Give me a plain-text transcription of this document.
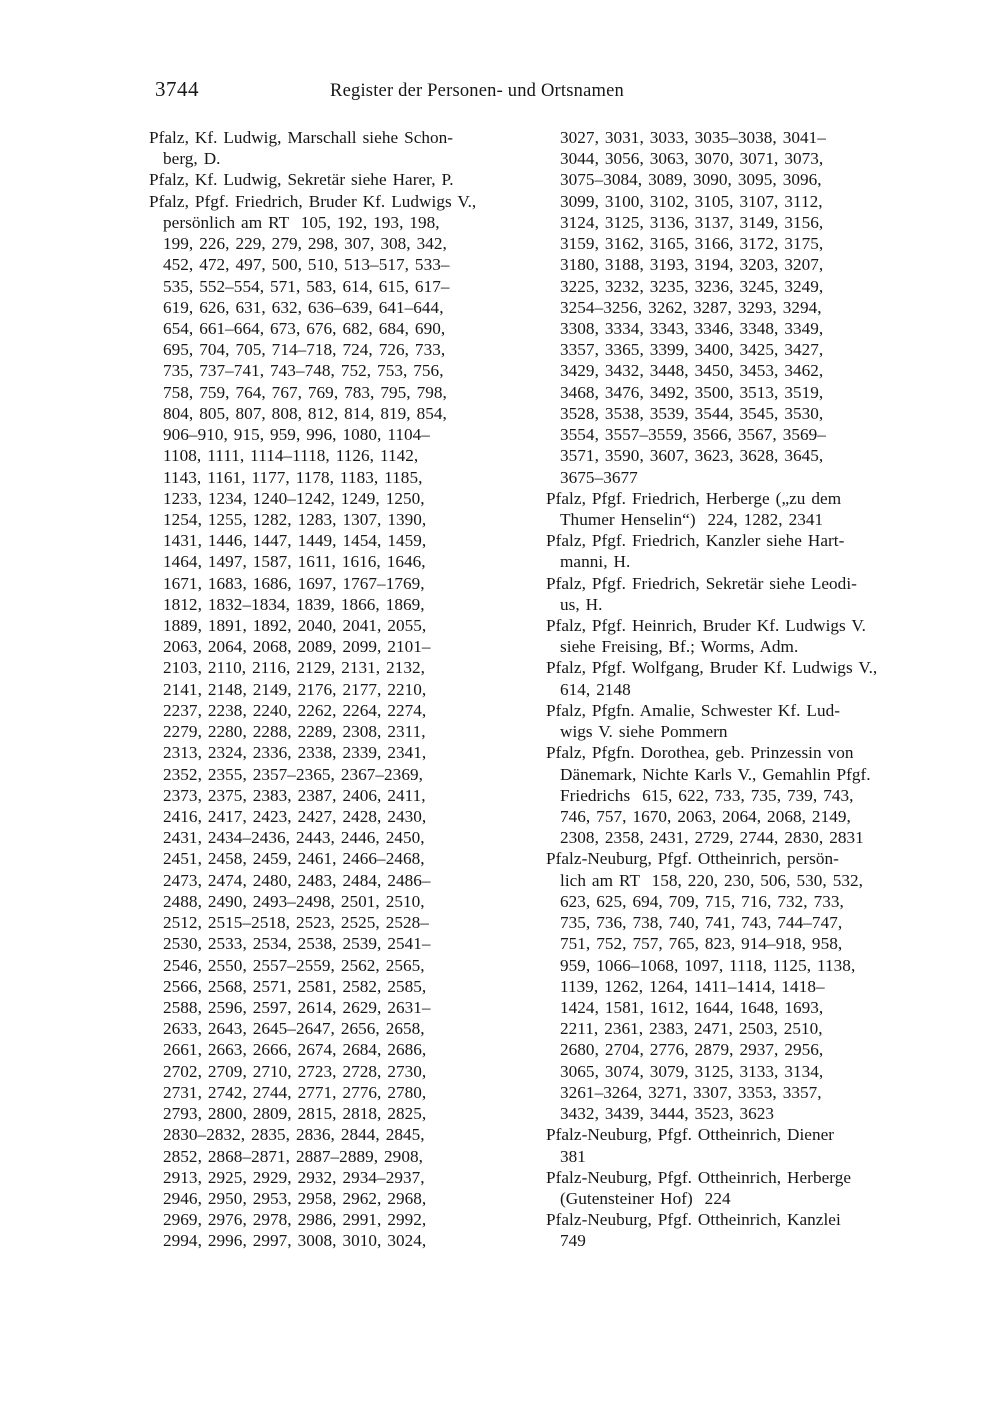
3744	Register der Personen- und Ortsnamen
Pfalz, Kf. Ludwig, Marschall siehe Schon-
berg, D.
Pfalz, Kf. Ludwig, Sekretär siehe Harer, P.
Pfalz, Pfgf. Friedrich, Bruder Kf. Ludwigs V.,
persönlich am RT  105, 192, 193, 198,
199, 226, 229, 279, 298, 307, 308, 342,
452, 472, 497, 500, 510, 513–517, 533–
535, 552–554, 571, 583, 614, 615, 617–
619, 626, 631, 632, 636–639, 641–644,
654, 661–664, 673, 676, 682, 684, 690,
695, 704, 705, 714–718, 724, 726, 733,
735, 737–741, 743–748, 752, 753, 756,
758, 759, 764, 767, 769, 783, 795, 798,
804, 805, 807, 808, 812, 814, 819, 854,
906–910, 915, 959, 996, 1080, 1104–
1108, 1111, 1114–1118, 1126, 1142,
1143, 1161, 1177, 1178, 1183, 1185,
1233, 1234, 1240–1242, 1249, 1250,
1254, 1255, 1282, 1283, 1307, 1390,
1431, 1446, 1447, 1449, 1454, 1459,
1464, 1497, 1587, 1611, 1616, 1646,
1671, 1683, 1686, 1697, 1767–1769,
1812, 1832–1834, 1839, 1866, 1869,
1889, 1891, 1892, 2040, 2041, 2055,
2063, 2064, 2068, 2089, 2099, 2101–
2103, 2110, 2116, 2129, 2131, 2132,
2141, 2148, 2149, 2176, 2177, 2210,
2237, 2238, 2240, 2262, 2264, 2274,
2279, 2280, 2288, 2289, 2308, 2311,
2313, 2324, 2336, 2338, 2339, 2341,
2352, 2355, 2357–2365, 2367–2369,
2373, 2375, 2383, 2387, 2406, 2411,
2416, 2417, 2423, 2427, 2428, 2430,
2431, 2434–2436, 2443, 2446, 2450,
2451, 2458, 2459, 2461, 2466–2468,
2473, 2474, 2480, 2483, 2484, 2486–
2488, 2490, 2493–2498, 2501, 2510,
2512, 2515–2518, 2523, 2525, 2528–
2530, 2533, 2534, 2538, 2539, 2541–
2546, 2550, 2557–2559, 2562, 2565,
2566, 2568, 2571, 2581, 2582, 2585,
2588, 2596, 2597, 2614, 2629, 2631–
2633, 2643, 2645–2647, 2656, 2658,
2661, 2663, 2666, 2674, 2684, 2686,
2702, 2709, 2710, 2723, 2728, 2730,
2731, 2742, 2744, 2771, 2776, 2780,
2793, 2800, 2809, 2815, 2818, 2825,
2830–2832, 2835, 2836, 2844, 2845,
2852, 2868–2871, 2887–2889, 2908,
2913, 2925, 2929, 2932, 2934–2937,
2946, 2950, 2953, 2958, 2962, 2968,
2969, 2976, 2978, 2986, 2991, 2992,
2994, 2996, 2997, 3008, 3010, 3024,
3027, 3031, 3033, 3035–3038, 3041–
3044, 3056, 3063, 3070, 3071, 3073,
3075–3084, 3089, 3090, 3095, 3096,
3099, 3100, 3102, 3105, 3107, 3112,
3124, 3125, 3136, 3137, 3149, 3156,
3159, 3162, 3165, 3166, 3172, 3175,
3180, 3188, 3193, 3194, 3203, 3207,
3225, 3232, 3235, 3236, 3245, 3249,
3254–3256, 3262, 3287, 3293, 3294,
3308, 3334, 3343, 3346, 3348, 3349,
3357, 3365, 3399, 3400, 3425, 3427,
3429, 3432, 3448, 3450, 3453, 3462,
3468, 3476, 3492, 3500, 3513, 3519,
3528, 3538, 3539, 3544, 3545, 3530,
3554, 3557–3559, 3566, 3567, 3569–
3571, 3590, 3607, 3623, 3628, 3645,
3675–3677
Pfalz, Pfgf. Friedrich, Herberge („zu dem
Thumer Henselin“)  224, 1282, 2341
Pfalz, Pfgf. Friedrich, Kanzler siehe Hart-
manni, H.
Pfalz, Pfgf. Friedrich, Sekretär siehe Leodi-
us, H.
Pfalz, Pfgf. Heinrich, Bruder Kf. Ludwigs V.
siehe Freising, Bf.; Worms, Adm.
Pfalz, Pfgf. Wolfgang, Bruder Kf. Ludwigs V.,
614, 2148
Pfalz, Pfgfn. Amalie, Schwester Kf. Lud-
wigs V. siehe Pommern
Pfalz, Pfgfn. Dorothea, geb. Prinzessin von
Dänemark, Nichte Karls V., Gemahlin Pfgf.
Friedrichs  615, 622, 733, 735, 739, 743,
746, 757, 1670, 2063, 2064, 2068, 2149,
2308, 2358, 2431, 2729, 2744, 2830, 2831
Pfalz-Neuburg, Pfgf. Ottheinrich, persön-
lich am RT  158, 220, 230, 506, 530, 532,
623, 625, 694, 709, 715, 716, 732, 733,
735, 736, 738, 740, 741, 743, 744–747,
751, 752, 757, 765, 823, 914–918, 958,
959, 1066–1068, 1097, 1118, 1125, 1138,
1139, 1262, 1264, 1411–1414, 1418–
1424, 1581, 1612, 1644, 1648, 1693,
2211, 2361, 2383, 2471, 2503, 2510,
2680, 2704, 2776, 2879, 2937, 2956,
3065, 3074, 3079, 3125, 3133, 3134,
3261–3264, 3271, 3307, 3353, 3357,
3432, 3439, 3444, 3523, 3623
Pfalz-Neuburg, Pfgf. Ottheinrich, Diener
381
Pfalz-Neuburg, Pfgf. Ottheinrich, Herberge
(Gutensteiner Hof)  224
Pfalz-Neuburg, Pfgf. Ottheinrich, Kanzlei
749
